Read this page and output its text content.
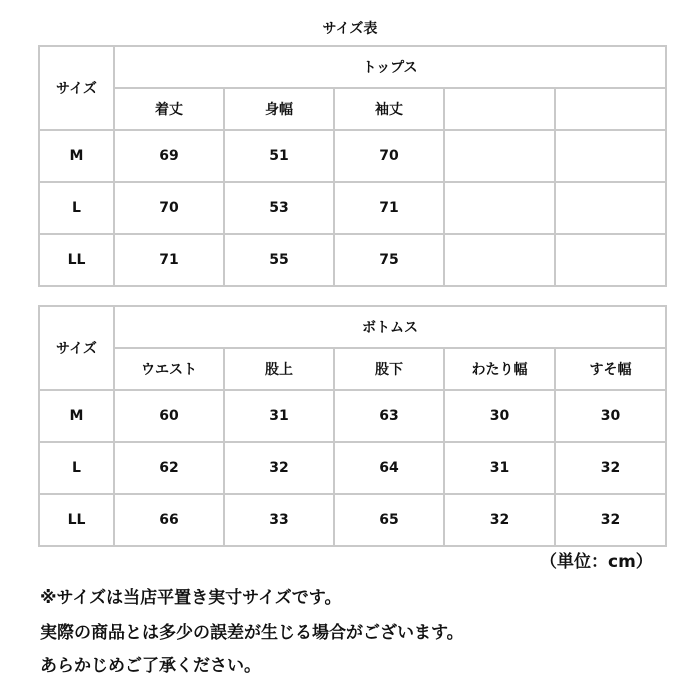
サイズ表
サイズ	トップス				
	着丈	身幅	袖丈		
M	69	51	70		
L	70	53	71		
LL	71	55	75		
サイズ	ボトムス				
	ウエスト	股上	股下	わたり幅	すそ幅
M	60	31	63	30	30
L	62	32	64	31	32
LL	66	33	65	32	32
（単位：cm）
※サイズは当店平置き実寸サイズです。
実際の商品とは多少の誤差が生じる場合がございます。
あらかじめご了承ください。
